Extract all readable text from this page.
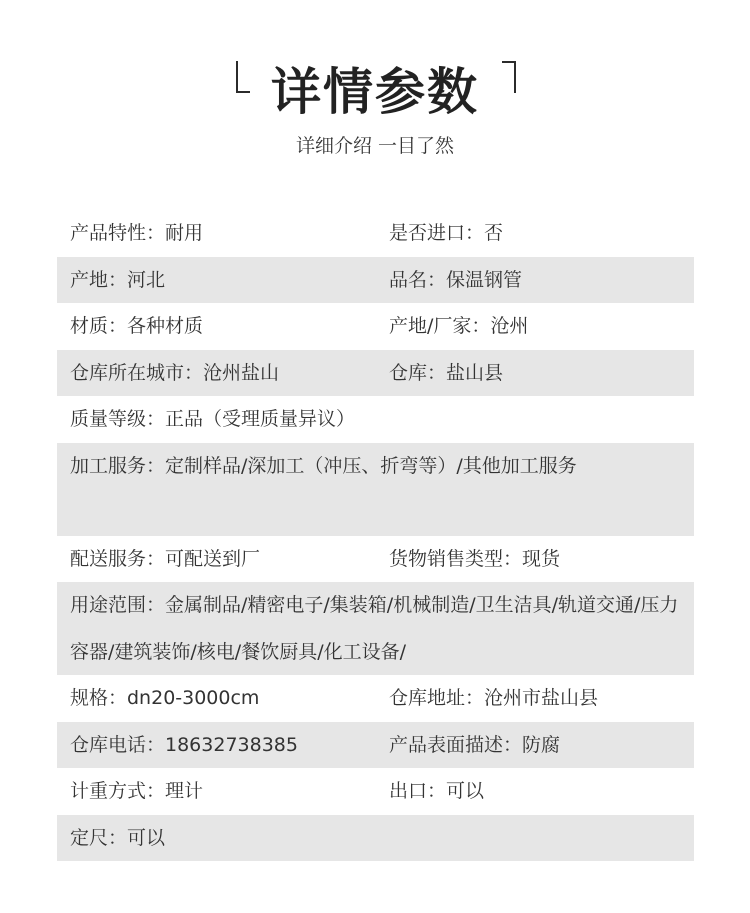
详情参数
详细介绍 一目了然
产品特性：耐用	是否进口：否
产地：河北	品名：保温钢管
材质：各种材质	产地/厂家：沧州
仓库所在城市：沧州盐山	仓库：盐山县
质量等级：正品（受理质量异议）
加工服务：定制样品/深加工（冲压、折弯等）/其他加工服务
配送服务：可配送到厂	货物销售类型：现货
用途范围：金属制品/精密电子/集装箱/机械制造/卫生洁具/轨道交通/压力容器/建筑装饰/核电/餐饮厨具/化工设备/
规格：dn20-3000cm	仓库地址：沧州市盐山县
仓库电话：18632738385	产品表面描述：防腐
计重方式：理计	出口：可以
定尺：可以
